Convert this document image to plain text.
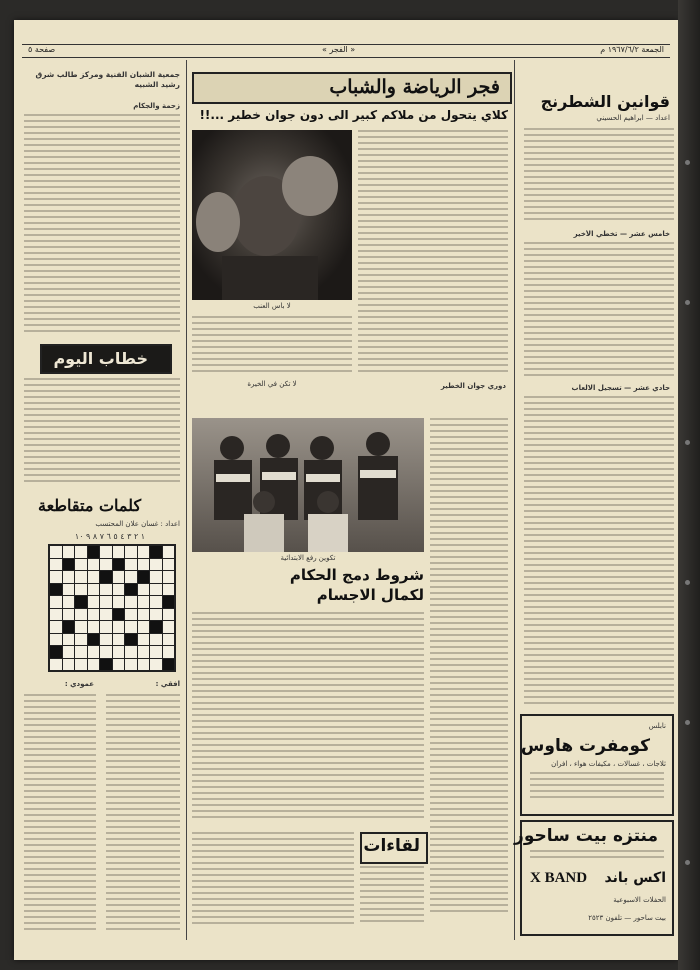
صفحة ٥	« الفجر »	الجمعة ١٩٦٧/٦/٢ م
قوانين الشطرنج
اعداد — ابراهيم الحسيني
خامس عشر — تخطي الأخير
حادي عشر — تسجيل الالعاب
نابلس
كومفرت هاوس
ثلاجات ، غسالات ، مكيفات هواء ، افران
منتزه بيت ساحور
X BAND اكس باند
الحفلات الاسبوعية
بيت ساحور — تلفون ٢٥٢٣
فجر الرياضة والشباب
كلاي يتحول من ملاكم كبير الى دون جوان خطير ...!!
لا بأس العنب
لا تكن في الخيرة	دوري جوان الخطير
تكوين رفع الابتدائية
شروط دمج الحكام
لكمال الاجسام
لقاءات
جمعية الشبان الفنية ومركز طالب شرق رشيد الشبيه
زحمة والجكام
خطاب اليوم
كلمات متقاطعة
اعداد : غسان علان المحتسب
١ ٢ ٣ ٤ ٥ ٦ ٧ ٨ ٩ ١٠
عمودي :	افقي :
